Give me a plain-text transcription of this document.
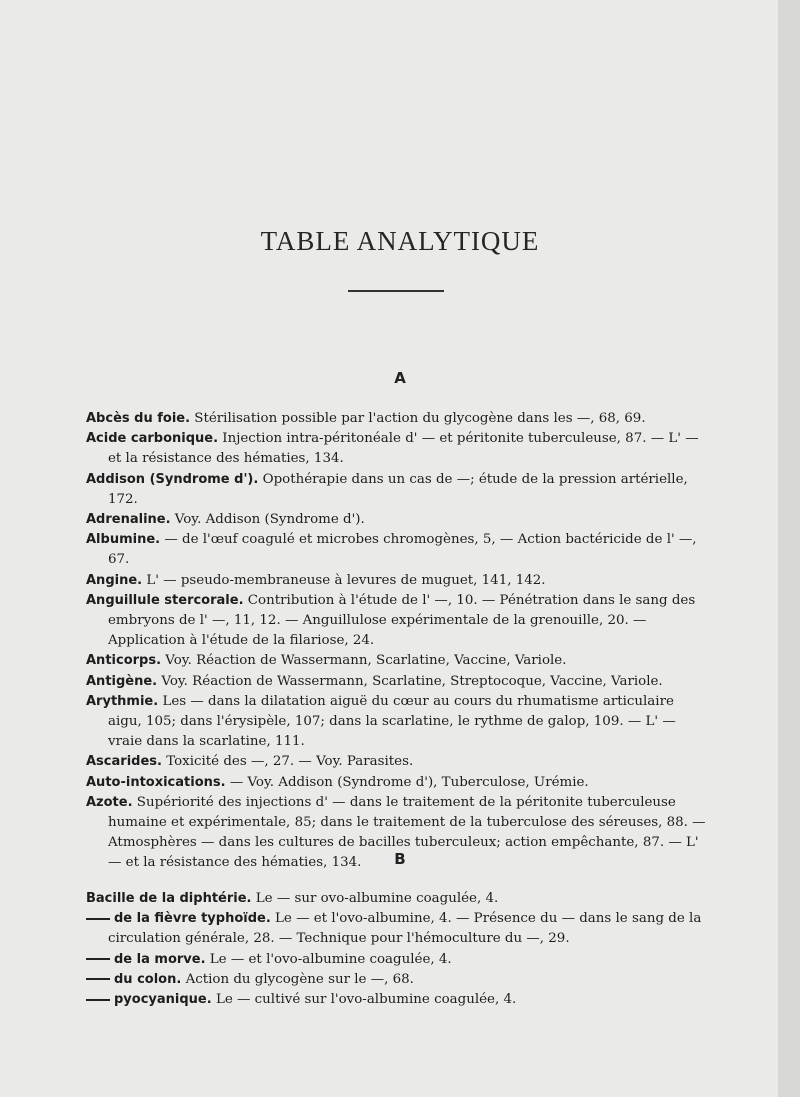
TABLE ANALYTIQUE
A

Abcès du foie. Stérilisation possible par l'action du glycogène dans les —, 68, 69.

Acide carbonique. Injection intra-péritonéale d' — et péritonite tuberculeuse, 87. — L' — et la résistance des hématies, 134.

Addison (Syndrome d'). Opothérapie dans un cas de —; étude de la pression artérielle, 172.

Adrenaline. Voy. Addison (Syndrome d').

Albumine. — de l'œuf coagulé et microbes chromogènes, 5, — Action bactéricide de l' —, 67.

Angine. L' — pseudo-membraneuse à levures de muguet, 141, 142.

Anguillule stercorale. Contribution à l'étude de l' —, 10. — Pénétration dans le sang des embryons de l' —, 11, 12. — Anguillulose expérimentale de la grenouille, 20. — Application à l'étude de la filariose, 24.

Anticorps. Voy. Réaction de Wassermann, Scarlatine, Vaccine, Variole.

Antigène. Voy. Réaction de Wassermann, Scarlatine, Streptocoque, Vaccine, Variole.

Arythmie. Les — dans la dilatation aiguë du cœur au cours du rhumatisme articulaire aigu, 105; dans l'érysipèle, 107; dans la scarlatine, le rythme de galop, 109. — L' — vraie dans la scarlatine, 111.

Ascarides. Toxicité des —, 27. — Voy. Parasites.

Auto-intoxications. — Voy. Addison (Syndrome d'), Tuberculose, Urémie.

Azote. Supériorité des injections d' — dans le traitement de la péritonite tuberculeuse humaine et expérimentale, 85; dans le traitement de la tuberculose des séreuses, 88. — Atmosphères — dans les cultures de bacilles tuberculeux; action empêchante, 87. — L' — et la résistance des hématies, 134.	B

Bacille de la diphtérie. Le — sur ovo-albumine coagulée, 4.

de la fièvre typhoïde. Le — et l'ovo-albumine, 4. — Présence du — dans le sang de la circulation générale, 28. — Technique pour l'hémoculture du —, 29.

de la morve. Le — et l'ovo-albumine coagulée, 4.

du colon. Action du glycogène sur le —, 68.

pyocyanique. Le — cultivé sur l'ovo-albumine coagulée, 4.
